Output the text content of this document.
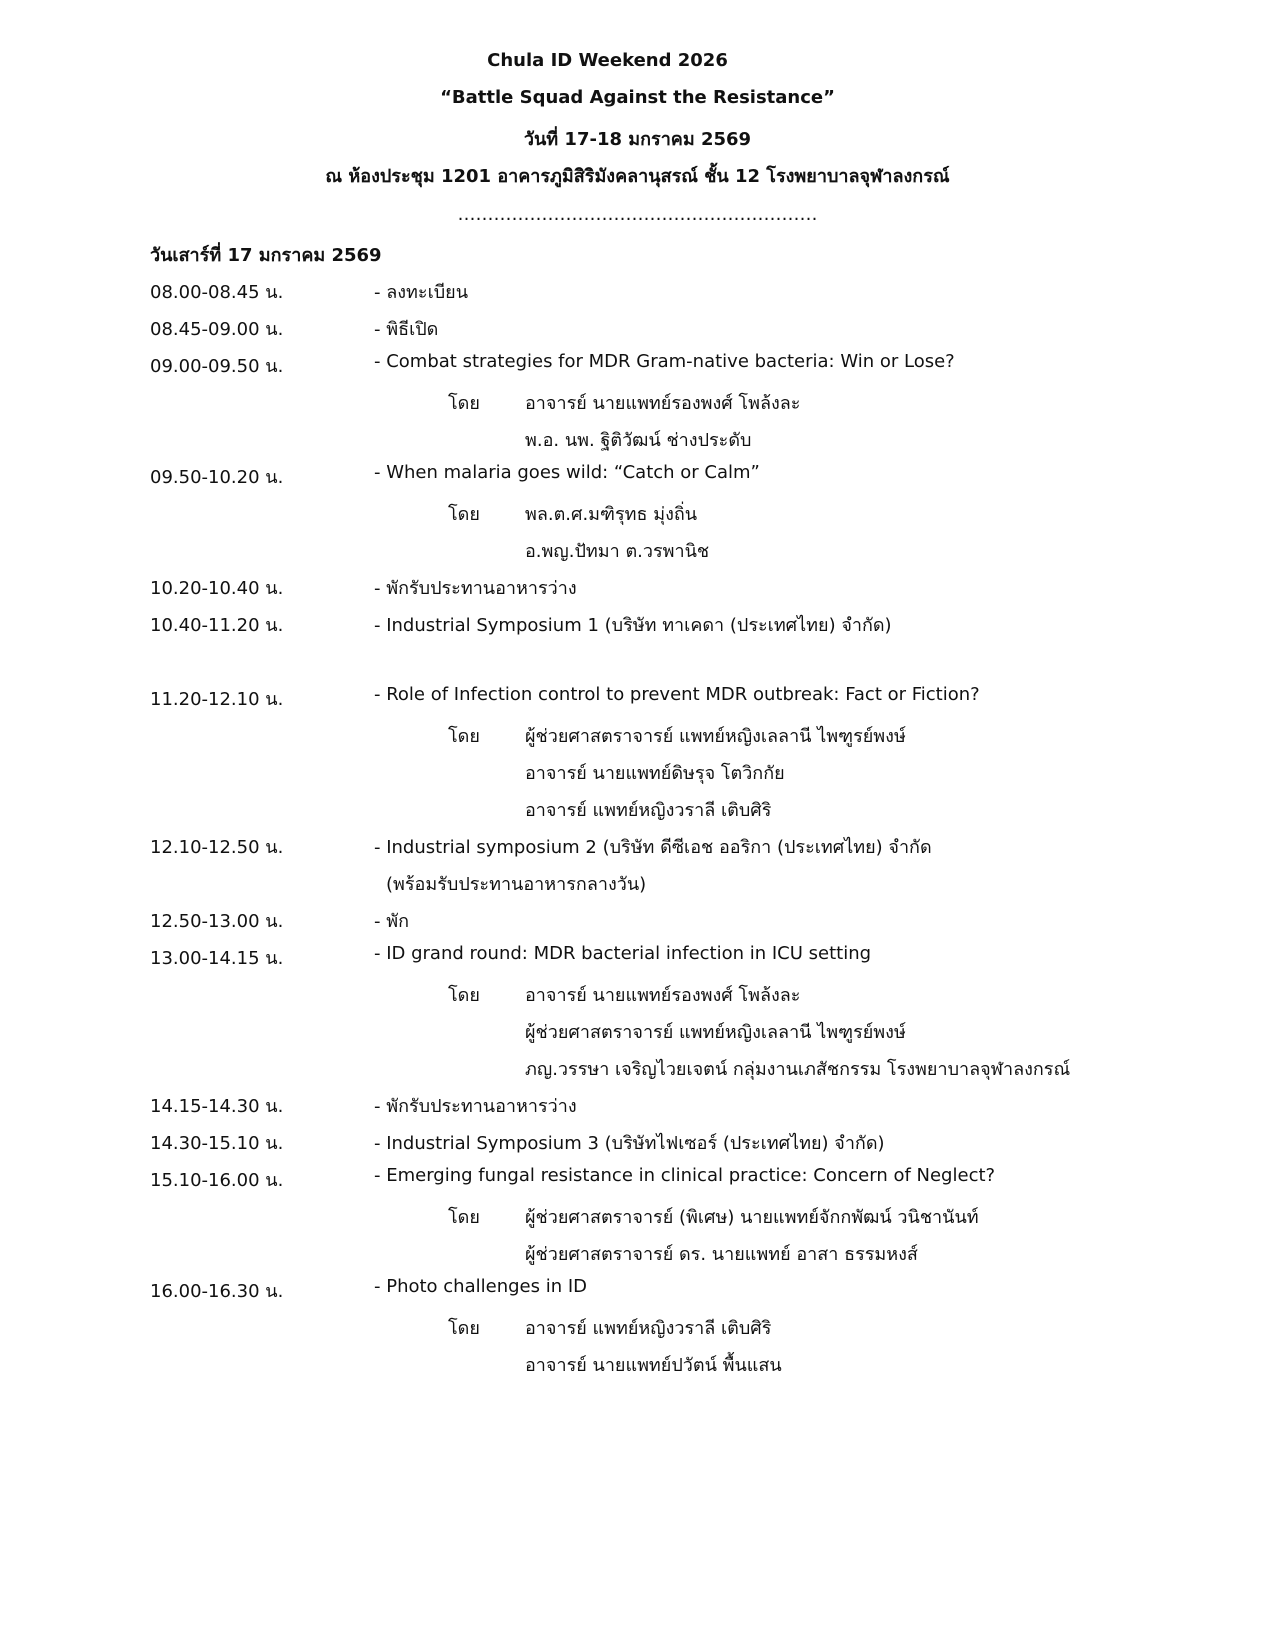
Chula ID Weekend 2026
“Battle Squad Against the Resistance”
วันที่ 17-18 มกราคม 2569
ณ ห้องประชุม 1201 อาคารภูมิสิริมังคลานุสรณ์ ชั้น 12 โรงพยาบาลจุฬาลงกรณ์
……………………………………………………
วันเสาร์ที่ 17 มกราคม 2569
08.00-08.45 น.	- ลงทะเบียน
08.45-09.00 น.	- พิธีเปิด
09.00-09.50 น.	- Combat strategies for MDR Gram-native bacteria: Win or Lose?
โดย	อาจารย์ นายแพทย์รองพงศ์ โพล้งละ
พ.อ. นพ. ฐิติวัฒน์ ช่างประดับ
09.50-10.20 น.	- When malaria goes wild: “Catch or Calm”
โดย	พล.ต.ศ.มฑิรุทธ มุ่งถิ่น
อ.พญ.ปัทมา ต.วรพานิช
10.20-10.40 น.	- พักรับประทานอาหารว่าง
10.40-11.20 น.	- Industrial Symposium 1 (บริษัท ทาเคดา (ประเทศไทย) จำกัด)
11.20-12.10 น.	- Role of Infection control to prevent MDR outbreak: Fact or Fiction?
โดย	ผู้ช่วยศาสตราจารย์ แพทย์หญิงเลลานี ไพฑูรย์พงษ์
อาจารย์ นายแพทย์ดิษรุจ โตวิกกัย
อาจารย์ แพทย์หญิงวราลี เติบศิริ
12.10-12.50 น.	- Industrial symposium 2 (บริษัท ดีซีเอช ออริกา (ประเทศไทย) จำกัด
(พร้อมรับประทานอาหารกลางวัน)
12.50-13.00 น.	- พัก
13.00-14.15 น.	- ID grand round: MDR bacterial infection in ICU setting
โดย	อาจารย์ นายแพทย์รองพงศ์ โพล้งละ
ผู้ช่วยศาสตราจารย์ แพทย์หญิงเลลานี ไพฑูรย์พงษ์
ภญ.วรรษา เจริญไวยเจตน์ กลุ่มงานเภสัชกรรม โรงพยาบาลจุฬาลงกรณ์
14.15-14.30 น.	- พักรับประทานอาหารว่าง
14.30-15.10 น.	- Industrial Symposium 3 (บริษัทไฟเซอร์ (ประเทศไทย) จำกัด)
15.10-16.00 น.	- Emerging fungal resistance in clinical practice: Concern of Neglect?
โดย	ผู้ช่วยศาสตราจารย์ (พิเศษ) นายแพทย์จักกพัฒน์ วนิชานันท์
ผู้ช่วยศาสตราจารย์ ดร. นายแพทย์ อาสา ธรรมหงส์
16.00-16.30 น.	- Photo challenges in ID
โดย	อาจารย์ แพทย์หญิงวราลี เติบศิริ
อาจารย์ นายแพทย์ปวัตน์ พื้นแสน
